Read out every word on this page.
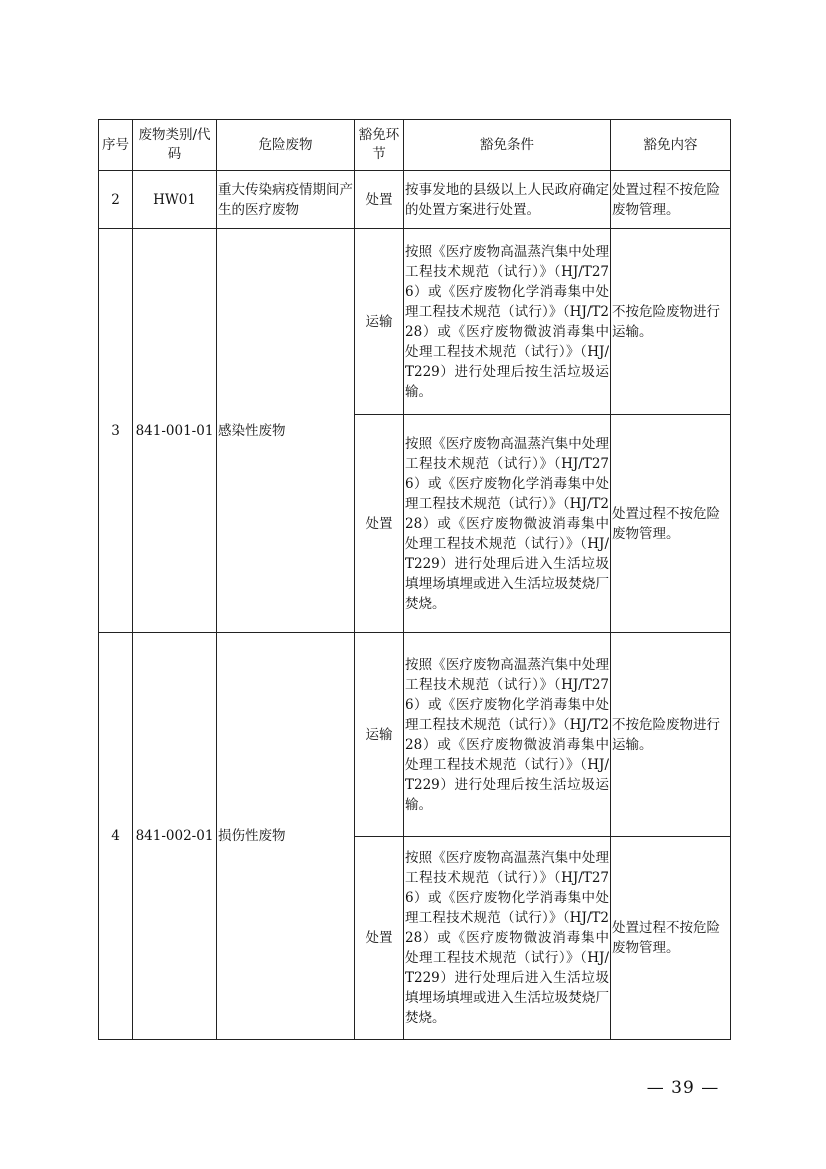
序号	废物类别/代码	危险废物	豁免环节	豁免条件	豁免内容
2	HW01	重大传染病疫情期间产生的医疗废物	处置	按事发地的县级以上人民政府确定的处置方案进行处置。	处置过程不按危险废物管理。
3	841-001-01	感染性废物	运输	按照《医疗废物高温蒸汽集中处理工程技术规范（试行）》（HJ/T276）或《医疗废物化学消毒集中处理工程技术规范（试行）》（HJ/T228）或《医疗废物微波消毒集中处理工程技术规范（试行）》（HJ/T229）进行处理后按生活垃圾运输。	不按危险废物进行运输。
			处置	按照《医疗废物高温蒸汽集中处理工程技术规范（试行）》（HJ/T276）或《医疗废物化学消毒集中处理工程技术规范（试行）》（HJ/T228）或《医疗废物微波消毒集中处理工程技术规范（试行）》（HJ/T229）进行处理后进入生活垃圾填埋场填埋或进入生活垃圾焚烧厂焚烧。	处置过程不按危险废物管理。
4	841-002-01	损伤性废物	运输	按照《医疗废物高温蒸汽集中处理工程技术规范（试行）》（HJ/T276）或《医疗废物化学消毒集中处理工程技术规范（试行）》（HJ/T228）或《医疗废物微波消毒集中处理工程技术规范（试行）》（HJ/T229）进行处理后按生活垃圾运输。	不按危险废物进行运输。
			处置	按照《医疗废物高温蒸汽集中处理工程技术规范（试行）》（HJ/T276）或《医疗废物化学消毒集中处理工程技术规范（试行）》（HJ/T228）或《医疗废物微波消毒集中处理工程技术规范（试行）》（HJ/T229）进行处理后进入生活垃圾填埋场填埋或进入生活垃圾焚烧厂焚烧。	处置过程不按危险废物管理。
— 39 —
